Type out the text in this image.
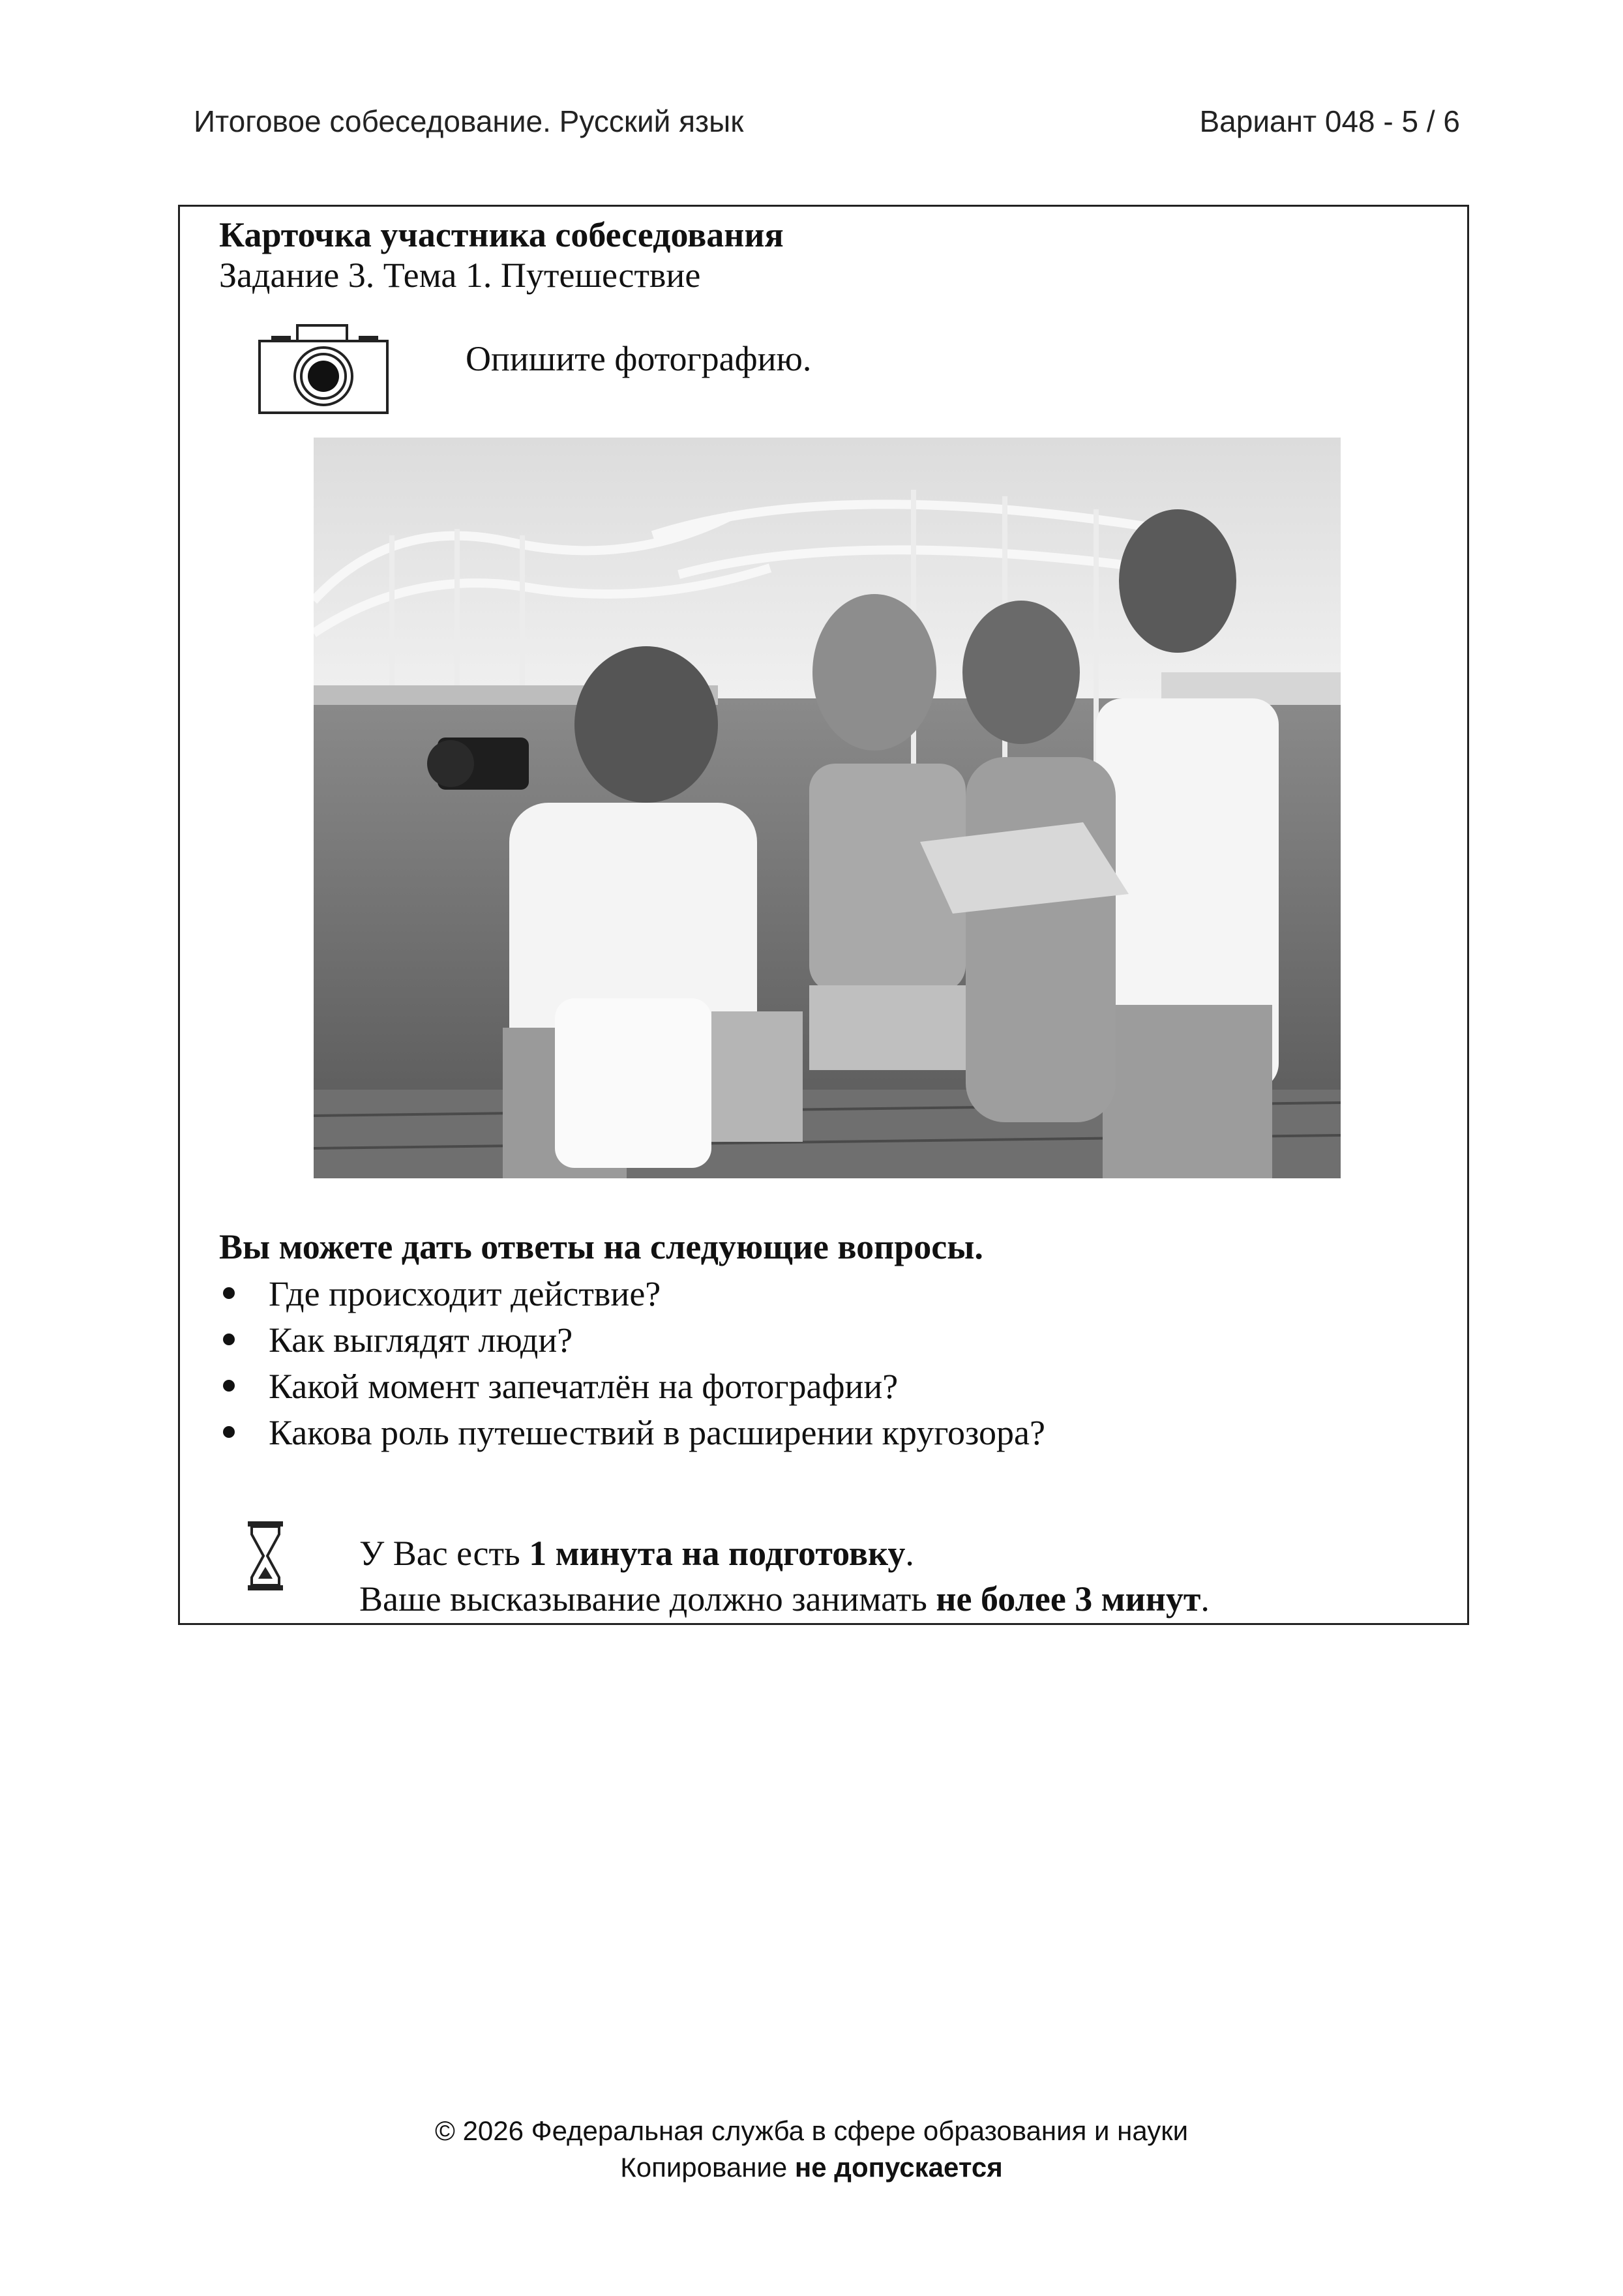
Итоговое собеседование. Русский язык	Вариант 048 - 5 / 6
Карточка участника собеседования
Задание 3. Тема 1. Путешествие
Опишите фотографию.
Вы можете дать ответы на следующие вопросы.
Где происходит действие?
Как выглядят люди?
Какой момент запечатлён на фотографии?
Какова роль путешествий в расширении кругозора?
У Вас есть 1 минута на подготовку.
Ваше высказывание должно занимать не более 3 минут.
© 2026 Федеральная служба в сфере образования и науки
Копирование не допускается
